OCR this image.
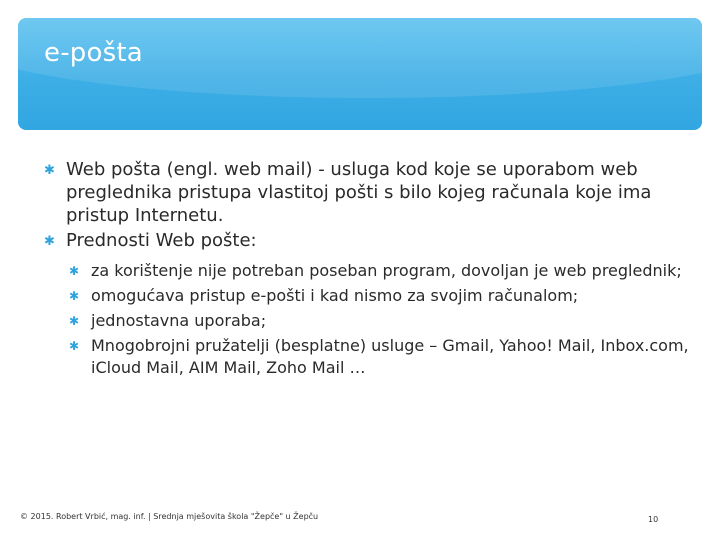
e-pošta
✱ Web pošta (engl. web mail) - usluga kod koje se uporabom web preglednika pristupa vlastitoj pošti s bilo kojeg računala koje ima pristup Internetu.
✱ Prednosti Web pošte:
✱ za korištenje nije potreban poseban program, dovoljan je web preglednik;
✱ omogućava pristup e-pošti i kad nismo za svojim računalom;
✱ jednostavna uporaba;
✱ Mnogobrojni pružatelji (besplatne) usluge – Gmail, Yahoo! Mail, Inbox.com, iCloud Mail, AIM Mail, Zoho Mail …
© 2015. Robert Vrbić, mag. inf. | Srednja mješovita škola "Žepče" u Žepču	10
